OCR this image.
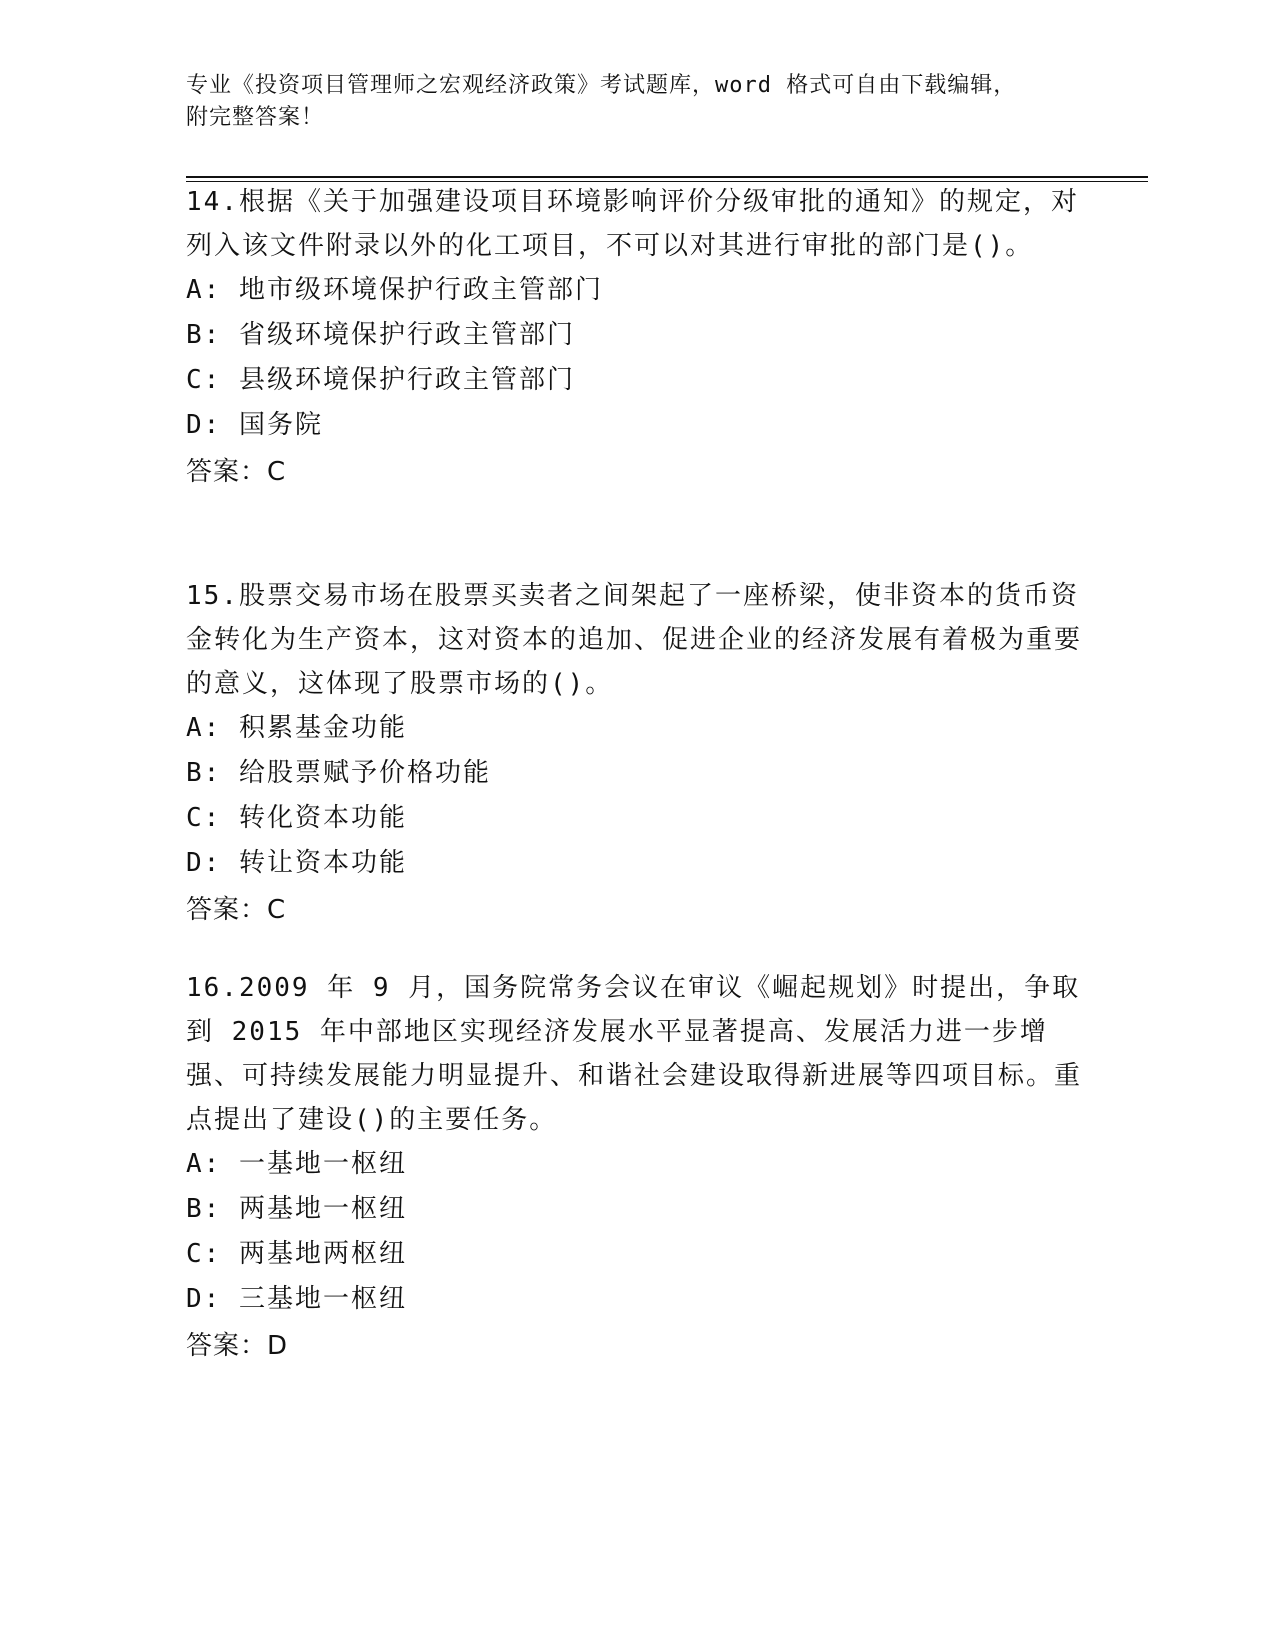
专业《投资项目管理师之宏观经济政策》考试题库，word 格式可自由下载编辑，
附完整答案！

14.根据《关于加强建设项目环境影响评价分级审批的通知》的规定，对列入该文件附录以外的化工项目，不可以对其进行审批的部门是()。

A: 地市级环境保护行政主管部门
B: 省级环境保护行政主管部门
C: 县级环境保护行政主管部门
D: 国务院
答案：C

15.股票交易市场在股票买卖者之间架起了一座桥梁，使非资本的货币资金转化为生产资本，这对资本的追加、促进企业的经济发展有着极为重要的意义，这体现了股票市场的()。

A: 积累基金功能
B: 给股票赋予价格功能
C: 转化资本功能
D: 转让资本功能
答案：C

16.2009 年 9 月，国务院常务会议在审议《崛起规划》时提出，争取到 2015 年中部地区实现经济发展水平显著提高、发展活力进一步增强、可持续发展能力明显提升、和谐社会建设取得新进展等四项目标。重点提出了建设()的主要任务。

A: 一基地一枢纽
B: 两基地一枢纽
C: 两基地两枢纽
D: 三基地一枢纽
答案：D
